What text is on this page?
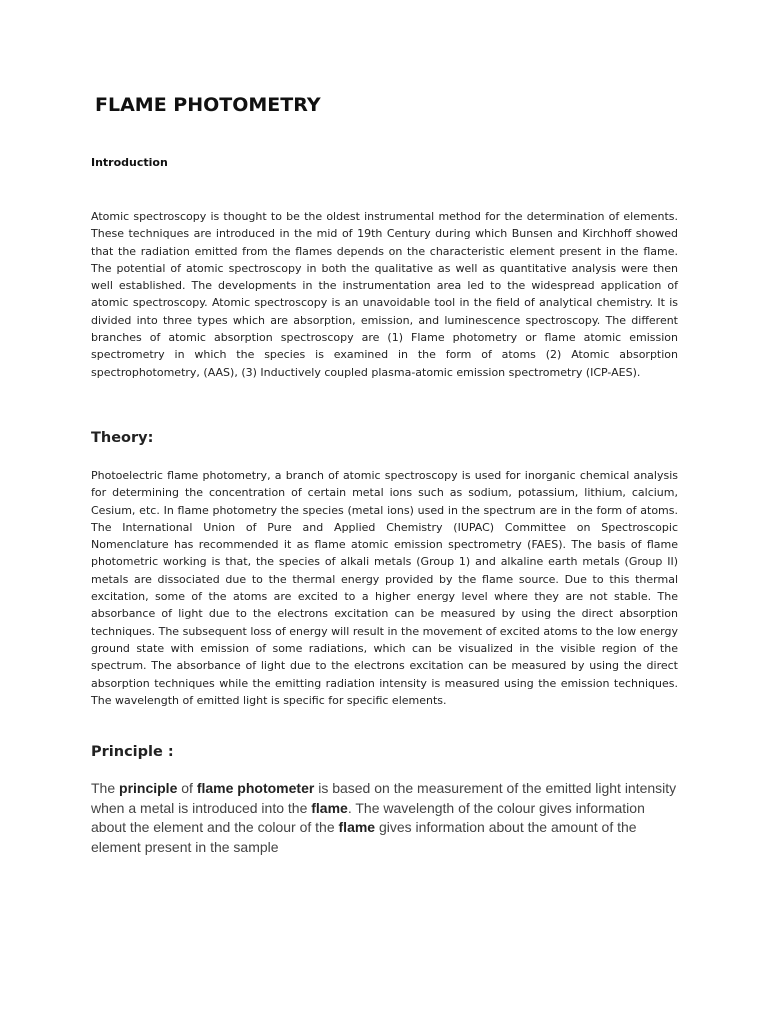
FLAME PHOTOMETRY
Introduction

Atomic spectroscopy is thought to be the oldest instrumental method for the determination of elements. These techniques are introduced in the mid of 19th Century during which Bunsen and Kirchhoff showed that the radiation emitted from the flames depends on the characteristic element present in the flame. The potential of atomic spectroscopy in both the qualitative as well as quantitative analysis were then well established. The developments in the instrumentation area led to the widespread application of atomic spectroscopy. Atomic spectroscopy is an unavoidable tool in the field of analytical chemistry. It is divided into three types which are absorption, emission, and luminescence spectroscopy. The different branches of atomic absorption spectroscopy are (1) Flame photometry or flame atomic emission spectrometry in which the species is examined in the form of atoms (2) Atomic absorption spectrophotometry, (AAS), (3) Inductively coupled plasma-atomic emission spectrometry (ICP-AES).

Theory:

Photoelectric flame photometry, a branch of atomic spectroscopy is used for inorganic chemical analysis for determining the concentration of certain metal ions such as sodium, potassium, lithium, calcium, Cesium, etc. In flame photometry the species (metal ions) used in the spectrum are in the form of atoms. The International Union of Pure and Applied Chemistry (IUPAC) Committee on Spectroscopic Nomenclature has recommended it as flame atomic emission spectrometry (FAES). The basis of flame photometric working is that, the species of alkali metals (Group 1) and alkaline earth metals (Group II) metals are dissociated due to the thermal energy provided by the flame source. Due to this thermal excitation, some of the atoms are excited to a higher energy level where they are not stable. The absorbance of light due to the electrons excitation can be measured by using the direct absorption techniques. The subsequent loss of energy will result in the movement of excited atoms to the low energy ground state with emission of some radiations, which can be visualized in the visible region of the spectrum. The absorbance of light due to the electrons excitation can be measured by using the direct absorption techniques while the emitting radiation intensity is measured using the emission techniques. The wavelength of emitted light is specific for specific elements.

Principle :

The principle of flame photometer is based on the measurement of the emitted light intensity when a metal is introduced into the flame. The wavelength of the colour gives information about the element and the colour of the flame gives information about the amount of the element present in the sample
